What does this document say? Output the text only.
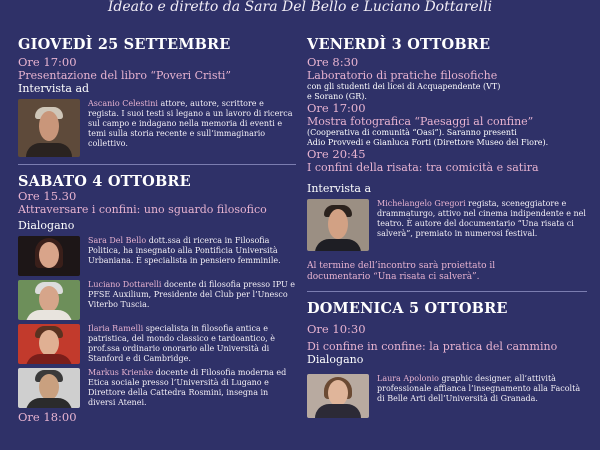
Ideato e diretto da Sara Del Bello e Luciano Dottarelli
GIOVEDÌ 25 SETTEMBRE
Ore 17:00
Presentazione del libro “Poveri Cristi”
Intervista ad
Ascanio Celestini attore, autore, scrittore e regista. I suoi testi si legano a un lavoro di ricerca sul campo e indagano nella memoria di eventi e temi sulla storia recente e sull’immaginario collettivo.
SABATO 4 OTTOBRE
Ore 15.30
Attraversare i confini: uno sguardo filosofico
Dialogano
Sara Del Bello dott.ssa di ricerca in Filosofia Politica, ha insegnato alla Pontificia Università Urbaniana. È specialista in pensiero femminile.
Luciano Dottarelli docente di filosofia presso IPU e PFSE Auxilium, Presidente del Club per l’Unesco Viterbo Tuscia.
Ilaria Ramelli specialista in filosofia antica e patristica, del mondo classico e tardoantico, è prof.ssa ordinario onorario alle Università di Stanford e di Cambridge.
Markus Krienke docente di Filosofia moderna ed Etica sociale presso l’Università di Lugano e Direttore della Cattedra Rosmini, insegna in diversi Atenei.
Ore 18:00
VENERDÌ 3 OTTOBRE
Ore 8:30
Laboratorio di pratiche filosofiche
con gli studenti dei licei di Acquapendente (VT)
e Sorano (GR).
Ore 17:00
Mostra fotografica “Paesaggi al confine”
(Cooperativa di comunità “Oasi”). Saranno presenti
Adio Provvedi e Gianluca Forti (Direttore Museo del Fiore).
Ore 20:45
I confini della risata: tra comicità e satira
Intervista a
Michelangelo Gregori regista, sceneggiatore e drammaturgo, attivo nel cinema indipendente e nel teatro. È autore del documentario “Una risata ci salverà”, premiato in numerosi festival.
Al termine dell’incontro sarà proiettato il
documentario “Una risata ci salverà”.
DOMENICA 5 OTTOBRE
Ore 10:30
Di confine in confine: la pratica del cammino
Dialogano
Laura Apolonio graphic designer, all’attività professionale affianca l’insegnamento alla Facoltà di Belle Arti dell’Università di Granada.
